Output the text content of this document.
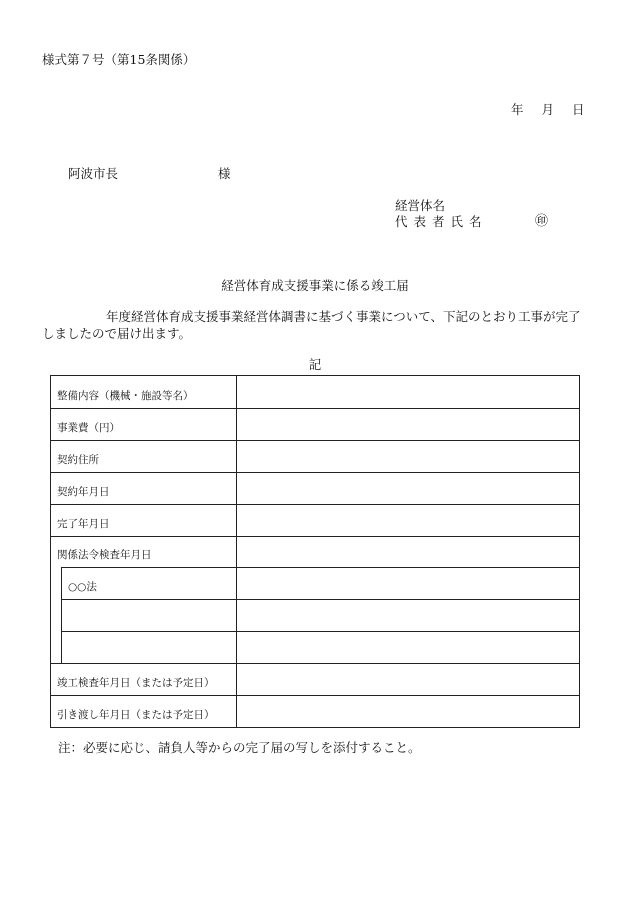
様式第７号（第15条関係）
年 月 日
阿波市長	様
経営体名
代表者氏名	㊞
経営体育成支援事業に係る竣工届
年度経営体育成支援事業経営体調書に基づく事業について、下記のとおり工事が完了
しましたので届け出ます。
記
整備内容（機械・施設等名）
事業費（円）
契約住所
契約年月日
完了年月日
関係法令検査年月日
○○法
竣工検査年月日（または予定日）
引き渡し年月日（または予定日）
注：必要に応じ、請負人等からの完了届の写しを添付すること。
